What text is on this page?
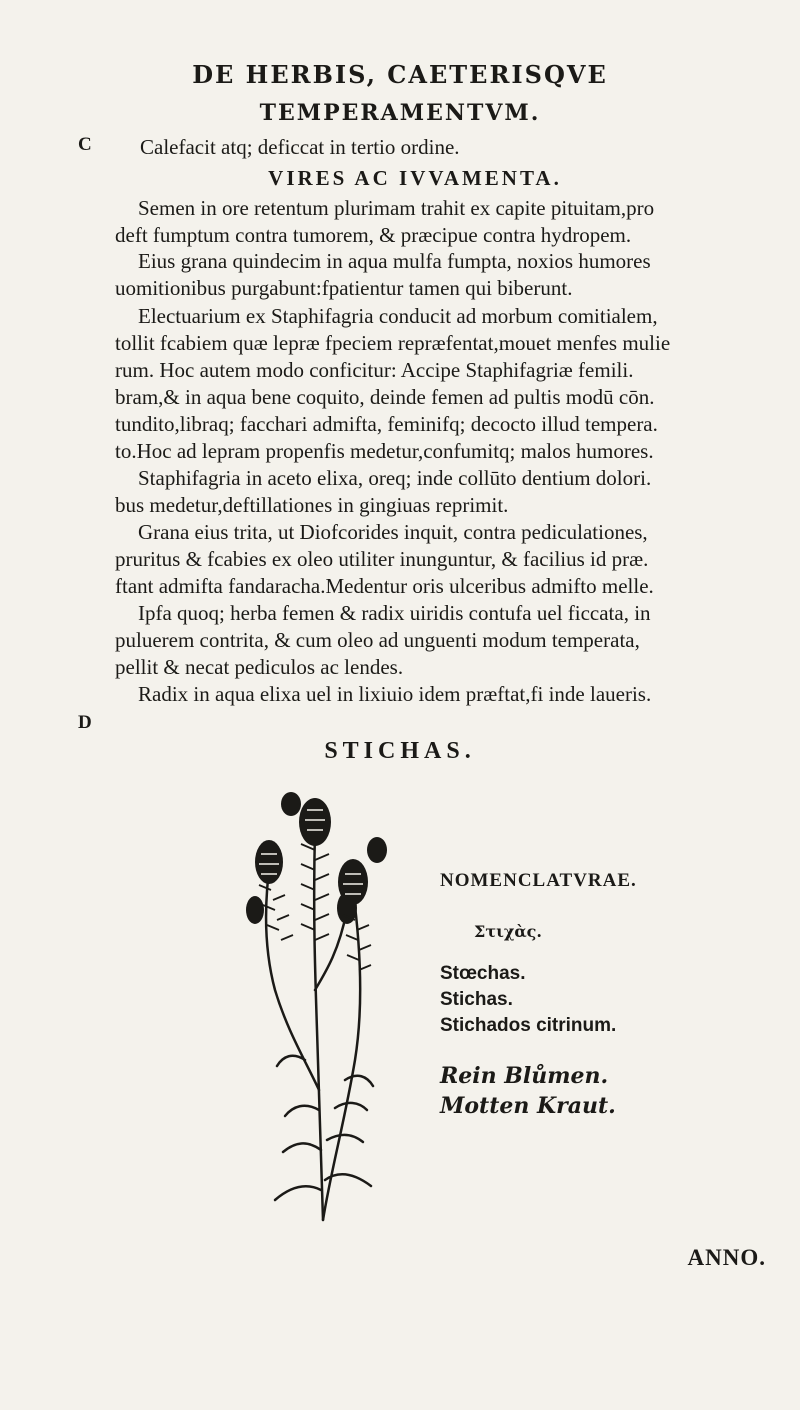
DE HERBIS, CAETERISQVE
TEMPERAMENTVM.
C
D
Calefacit atq; deficcat in tertio ordine.
VIRES AC IVVAMENTA.
Semen in ore retentum plurimam trahit ex capite pituitam,pro
deft fumptum contra tumorem, & præcipue contra hydropem.
Eius grana quindecim in aqua mulfa fumpta, noxios humores
uomitionibus purgabunt:fpatientur tamen qui biberunt.
Electuarium ex Staphifagria conducit ad morbum comitialem,
tollit fcabiem quæ lepræ fpeciem repræfentat,mouet menfes mulie
rum. Hoc autem modo conficitur: Accipe Staphifagriæ femili.
bram,& in aqua bene coquito, deinde femen ad pultis modū cōn.
tundito,libraq; facchari admifta, feminifq; decocto illud tempera.
to.Hoc ad lepram propenfis medetur,confumitq; malos humores.
Staphifagria in aceto elixa, oreq; inde collūto dentium dolori.
bus medetur,deftillationes in gingiuas reprimit.
Grana eius trita, ut Diofcorides inquit, contra pediculationes,
pruritus & fcabies ex oleo utiliter inunguntur, & facilius id præ.
ftant admifta fandaracha.Medentur oris ulceribus admifto melle.
Ipfa quoq; herba femen & radix uiridis contufa uel ficcata, in
puluerem contrita, & cum oleo ad unguenti modum temperata,
pellit & necat pediculos ac lendes.
Radix in aqua elixa uel in lixiuio idem præftat,fi inde laueris.
STICHAS.
NOMENCLATVRAE.
Στιχὰς.
Stœchas.
Stichas.
Stichados citrinum.
Rein Blůmen.
Motten Kraut.
ANNO.
